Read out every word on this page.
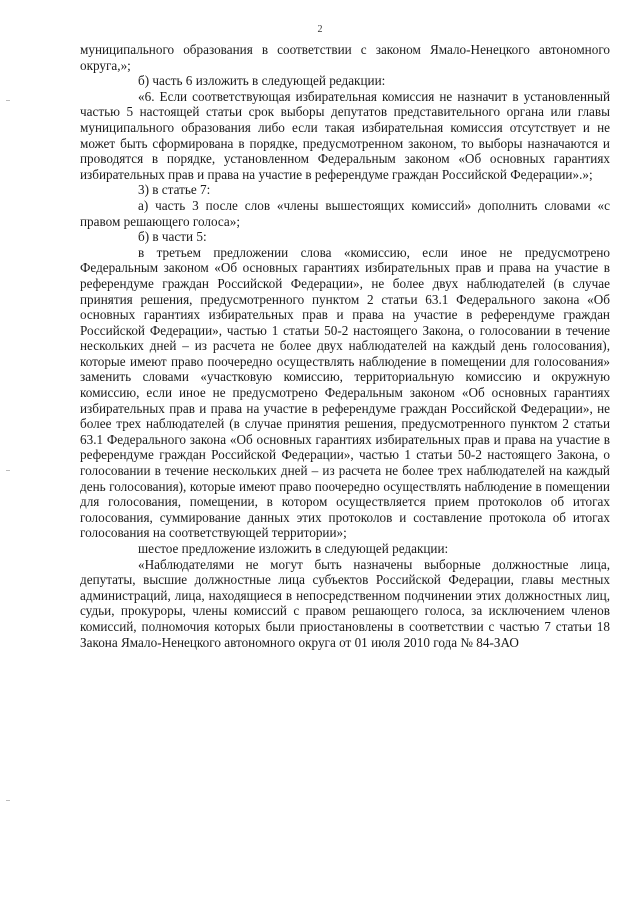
2

муниципального образования в соответствии с законом Ямало-Ненецкого автономного округа,»;

б) часть 6 изложить в следующей редакции:

«6. Если соответствующая избирательная комиссия не назначит в установленный частью 5 настоящей статьи срок выборы депутатов представительного органа или главы муниципального образования либо если такая избирательная комиссия отсутствует и не может быть сформирована в порядке, предусмотренном законом, то выборы назначаются и проводятся в порядке, установленном Федеральным законом «Об основных гарантиях избирательных прав и права на участие в референдуме граждан Российской Федерации».»;

3) в статье 7:

а) часть 3 после слов «члены вышестоящих комиссий» дополнить словами «с правом решающего голоса»;

б) в части 5:

в третьем предложении слова «комиссию, если иное не предусмотрено Федеральным законом «Об основных гарантиях избирательных прав и права на участие в референдуме граждан Российской Федерации», не более двух наблюдателей (в случае принятия решения, предусмотренного пунктом 2 статьи 63.1 Федерального закона «Об основных гарантиях избирательных прав и права на участие в референдуме граждан Российской Федерации», частью 1 статьи 50-2 настоящего Закона, о голосовании в течение нескольких дней – из расчета не более двух наблюдателей на каждый день голосования), которые имеют право поочередно осуществлять наблюдение в помещении для голосования» заменить словами «участковую комиссию, территориальную комиссию и окружную комиссию, если иное не предусмотрено Федеральным законом «Об основных гарантиях избирательных прав и права на участие в референдуме граждан Российской Федерации», не более трех наблюдателей (в случае принятия решения, предусмотренного пунктом 2 статьи 63.1 Федерального закона «Об основных гарантиях избирательных прав и права на участие в референдуме граждан Российской Федерации», частью 1 статьи 50-2 настоящего Закона, о голосовании в течение нескольких дней – из расчета не более трех наблюдателей на каждый день голосования), которые имеют право поочередно осуществлять наблюдение в помещении для голосования, помещении, в котором осуществляется прием протоколов об итогах голосования, суммирование данных этих протоколов и составление протокола об итогах голосования на соответствующей территории»;

шестое предложение изложить в следующей редакции:

«Наблюдателями не могут быть назначены выборные должностные лица, депутаты, высшие должностные лица субъектов Российской Федерации, главы местных администраций, лица, находящиеся в непосредственном подчинении этих должностных лиц, судьи, прокуроры, члены комиссий с правом решающего голоса, за исключением членов комиссий, полномочия которых были приостановлены в соответствии с частью 7 статьи 18 Закона Ямало-Ненецкого автономного округа от 01 июля 2010 года № 84-ЗАО
